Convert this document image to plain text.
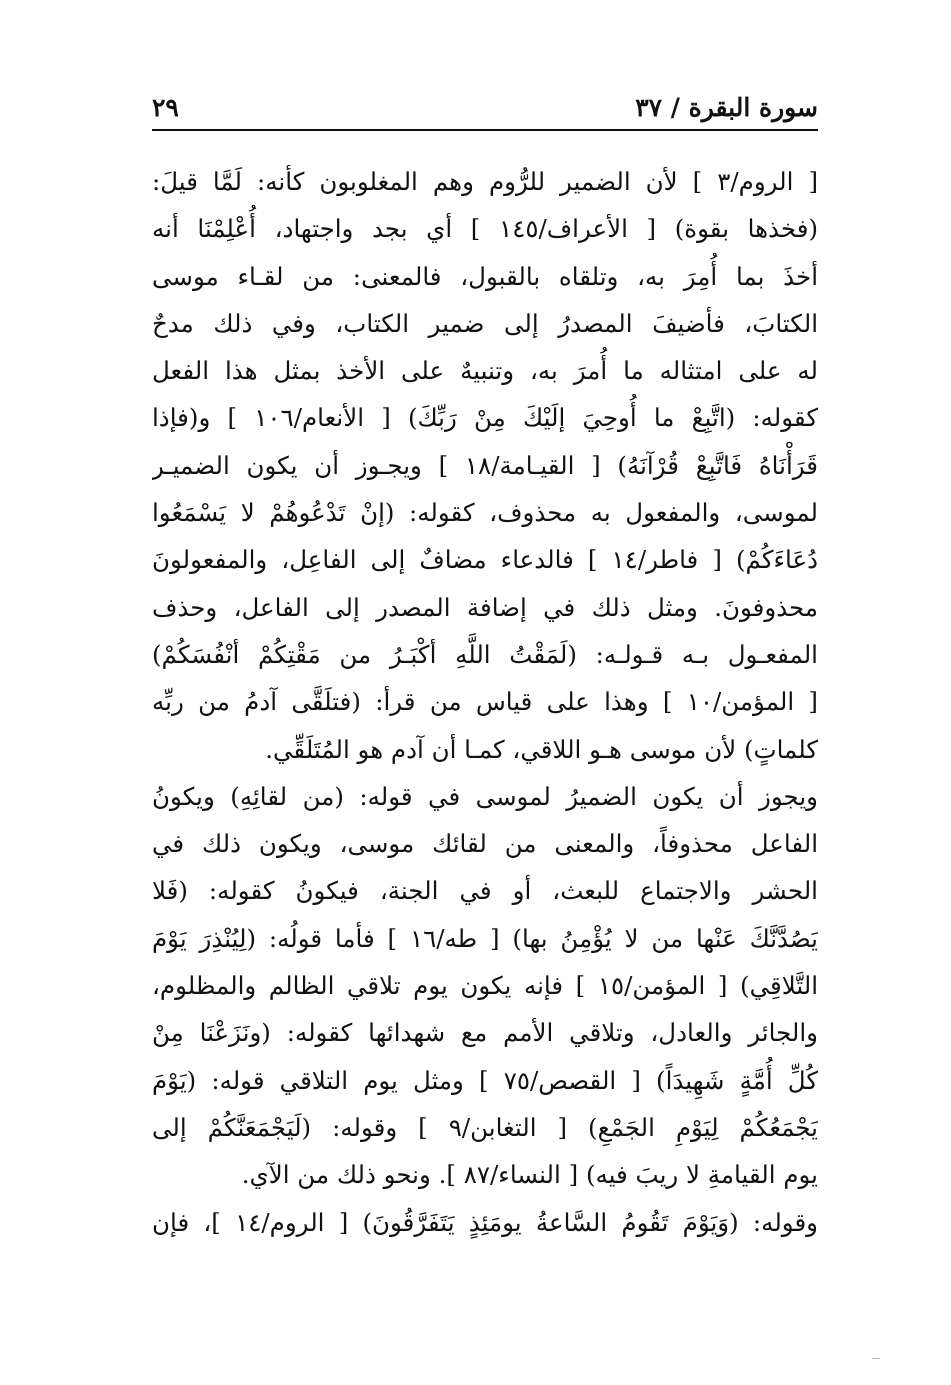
سورة البقرة / ٣٧
٢٩
[ الروم/٣ ] لأن الضمير للرُّوم وهم المغلوبون كأنه: لَمَّا قيلَ:
(فخذها بقوة) [ الأعراف/١٤٥ ] أي بجد واجتهاد، أُعْلِمْنَا أنه
أخذَ بما أُمِرَ به، وتلقاه بالقبول، فالمعنى: من لقـاء موسى
الكتابَ، فأضيفَ المصدرُ إلى ضمير الكتاب، وفي ذلك مدحٌ
له على امتثاله ما أُمرَ به، وتنبيهٌ على الأخذ بمثل هذا الفعل
كقوله: (اتَّبِعْ ما أُوحِيَ إلَيْكَ مِنْ رَبِّكَ) [ الأنعام/١٠٦ ] و(فإذا
قَرَأْنَاهُ فَاتَّبِعْ قُرْآنَهُ) [ القيـامة/١٨ ] ويجـوز أن يكون الضميـر
لموسى، والمفعول به محذوف، كقوله: (إنْ تَدْعُوهُمْ لا يَسْمَعُوا
دُعَاءَكُمْ) [ فاطر/١٤ ] فالدعاء مضافٌ إلى الفاعِل، والمفعولونَ
محذوفونَ. ومثل ذلك في إضافة المصدر إلى الفاعل، وحذف
المفعـول بـه قـولـه: (لَمَقْتُ اللَّهِ أكْبَـرُ من مَقْتِكُمْ أنْفُسَكُمْ)
[ المؤمن/١٠ ] وهذا على قياس من قرأ: (فتلَقَّى آدمُ من ربِّه
كلماتٍ) لأن موسى هـو اللاقي، كمـا أن آدم هو المُتَلَقِّي.
ويجوز أن يكون الضميرُ لموسى في قوله: (من لقائِهِ) ويكونُ
الفاعل محذوفاً، والمعنى من لقائك موسى، ويكون ذلك في
الحشر والاجتماع للبعث، أو في الجنة، فيكونُ كقوله: (فَلا
يَصُدَّنَّكَ عَنْها من لا يُؤْمِنُ بها) [ طه/١٦ ] فأما قولُه: (لِيُنْذِرَ يَوْمَ
التَّلاقِي) [ المؤمن/١٥ ] فإنه يكون يوم تلاقي الظالم والمظلوم،
والجائر والعادل، وتلاقي الأمم مع شهدائها كقوله: (ونَزَعْنَا مِنْ
كُلِّ أُمَّةٍ شَهِيدَاً) [ القصص/٧٥ ] ومثل يوم التلاقي قوله: (يَوْمَ
يَجْمَعُكُمْ لِيَوْمِ الجَمْعِ) [ التغابن/٩ ] وقوله: (لَيَجْمَعَنَّكُمْ إلى
يوم القيامةِ لا ريبَ فيه) [ النساء/٨٧ ]. ونحو ذلك من الآي.
وقوله: (وَيَوْمَ تَقُومُ السَّاعةُ يومَئِذٍ يَتَفَرَّقُونَ) [ الروم/١٤ ]، فإن
